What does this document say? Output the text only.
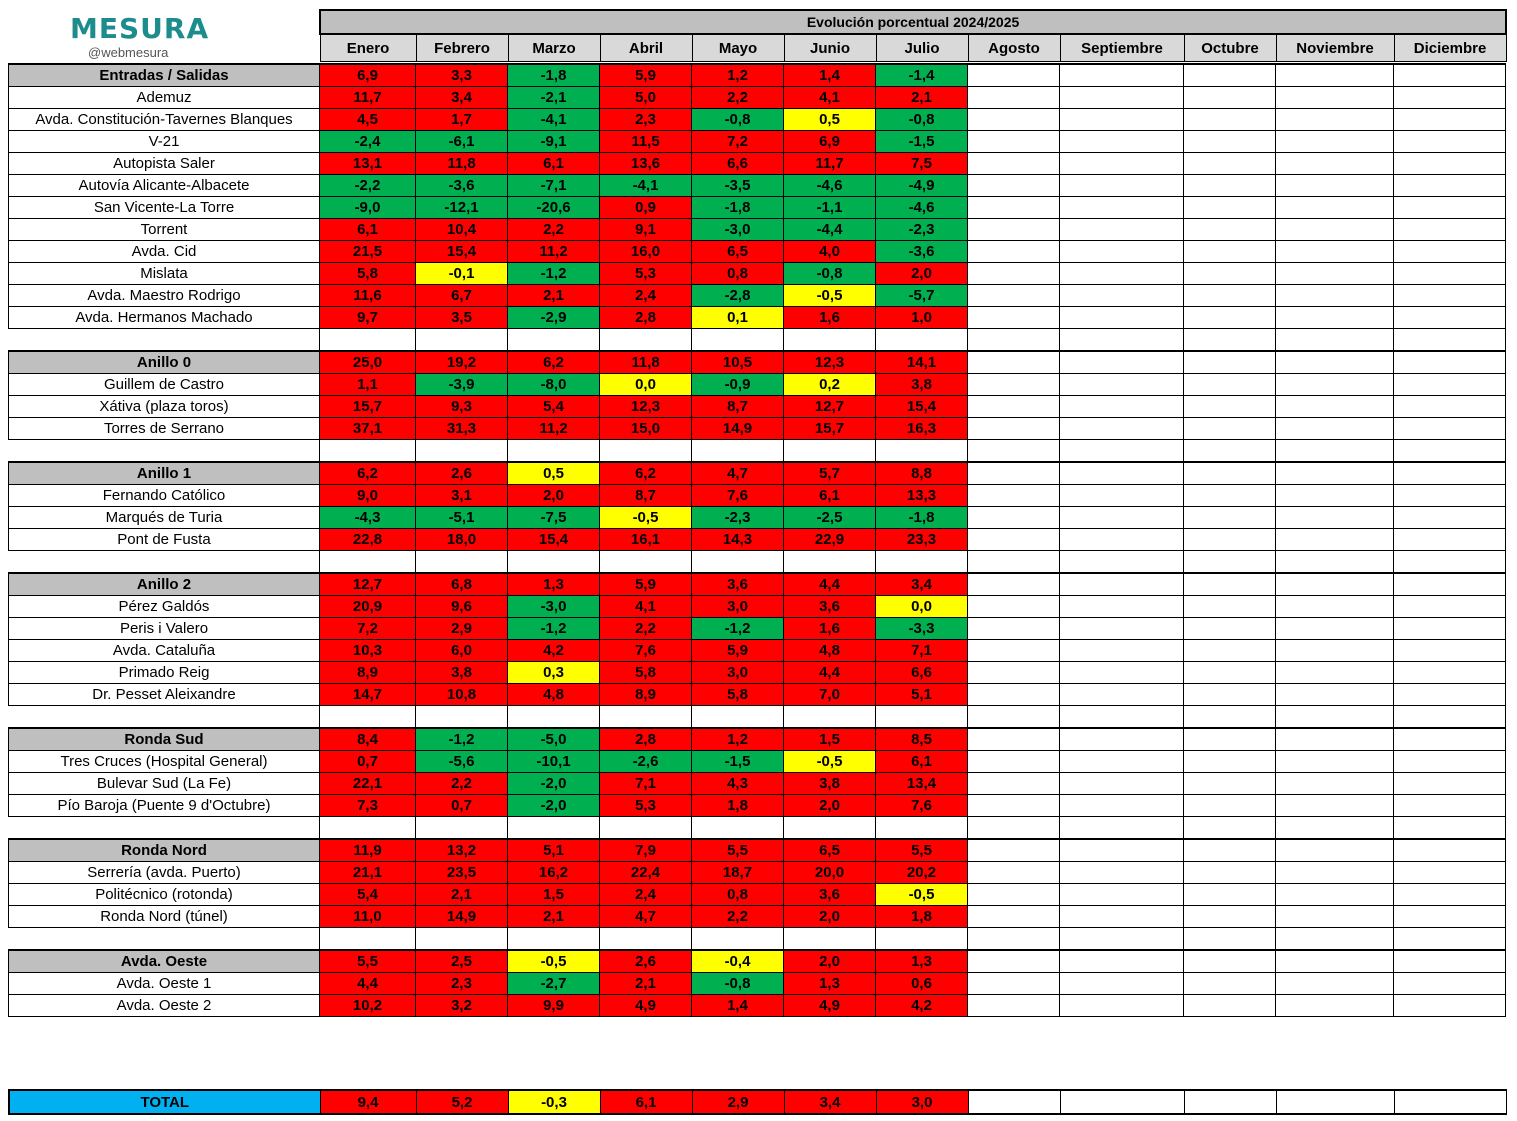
MESURA
@webmesura
Evolución porcentual 2024/2025
Enero	Febrero	Marzo	Abril	Mayo	Junio	Julio	Agosto	Septiembre	Octubre	Noviembre	Diciembre
Entradas / Salidas	6,9	3,3	-1,8	5,9	1,2	1,4	-1,4					
Ademuz	11,7	3,4	-2,1	5,0	2,2	4,1	2,1					
Avda. Constitución-Tavernes Blanques	4,5	1,7	-4,1	2,3	-0,8	0,5	-0,8					
V-21	-2,4	-6,1	-9,1	11,5	7,2	6,9	-1,5					
Autopista Saler	13,1	11,8	6,1	13,6	6,6	11,7	7,5					
Autovía Alicante-Albacete	-2,2	-3,6	-7,1	-4,1	-3,5	-4,6	-4,9					
San Vicente-La Torre	-9,0	-12,1	-20,6	0,9	-1,8	-1,1	-4,6					
Torrent	6,1	10,4	2,2	9,1	-3,0	-4,4	-2,3					
Avda. Cid	21,5	15,4	11,2	16,0	6,5	4,0	-3,6					
Mislata	5,8	-0,1	-1,2	5,3	0,8	-0,8	2,0					
Avda. Maestro Rodrigo	11,6	6,7	2,1	2,4	-2,8	-0,5	-5,7					
Avda. Hermanos Machado	9,7	3,5	-2,9	2,8	0,1	1,6	1,0					

Anillo 0	25,0	19,2	6,2	11,8	10,5	12,3	14,1					
Guillem de Castro	1,1	-3,9	-8,0	0,0	-0,9	0,2	3,8					
Xátiva (plaza toros)	15,7	9,3	5,4	12,3	8,7	12,7	15,4					
Torres de Serrano	37,1	31,3	11,2	15,0	14,9	15,7	16,3					

Anillo 1	6,2	2,6	0,5	6,2	4,7	5,7	8,8					
Fernando Católico	9,0	3,1	2,0	8,7	7,6	6,1	13,3					
Marqués de Turia	-4,3	-5,1	-7,5	-0,5	-2,3	-2,5	-1,8					
Pont de Fusta	22,8	18,0	15,4	16,1	14,3	22,9	23,3					

Anillo 2	12,7	6,8	1,3	5,9	3,6	4,4	3,4					
Pérez Galdós	20,9	9,6	-3,0	4,1	3,0	3,6	0,0					
Peris i Valero	7,2	2,9	-1,2	2,2	-1,2	1,6	-3,3					
Avda. Cataluña	10,3	6,0	4,2	7,6	5,9	4,8	7,1					
Primado Reig	8,9	3,8	0,3	5,8	3,0	4,4	6,6					
Dr. Pesset Aleixandre	14,7	10,8	4,8	8,9	5,8	7,0	5,1					

Ronda Sud	8,4	-1,2	-5,0	2,8	1,2	1,5	8,5					
Tres Cruces (Hospital General)	0,7	-5,6	-10,1	-2,6	-1,5	-0,5	6,1					
Bulevar Sud (La Fe)	22,1	2,2	-2,0	7,1	4,3	3,8	13,4					
Pío Baroja (Puente 9 d'Octubre)	7,3	0,7	-2,0	5,3	1,8	2,0	7,6					

Ronda Nord	11,9	13,2	5,1	7,9	5,5	6,5	5,5					
Serrería (avda. Puerto)	21,1	23,5	16,2	22,4	18,7	20,0	20,2					
Politécnico (rotonda)	5,4	2,1	1,5	2,4	0,8	3,6	-0,5					
Ronda Nord (túnel)	11,0	14,9	2,1	4,7	2,2	2,0	1,8					

Avda. Oeste	5,5	2,5	-0,5	2,6	-0,4	2,0	1,3					
Avda. Oeste 1	4,4	2,3	-2,7	2,1	-0,8	1,3	0,6					
Avda. Oeste 2	10,2	3,2	9,9	4,9	1,4	4,9	4,2					
TOTAL	9,4	5,2	-0,3	6,1	2,9	3,4	3,0					
